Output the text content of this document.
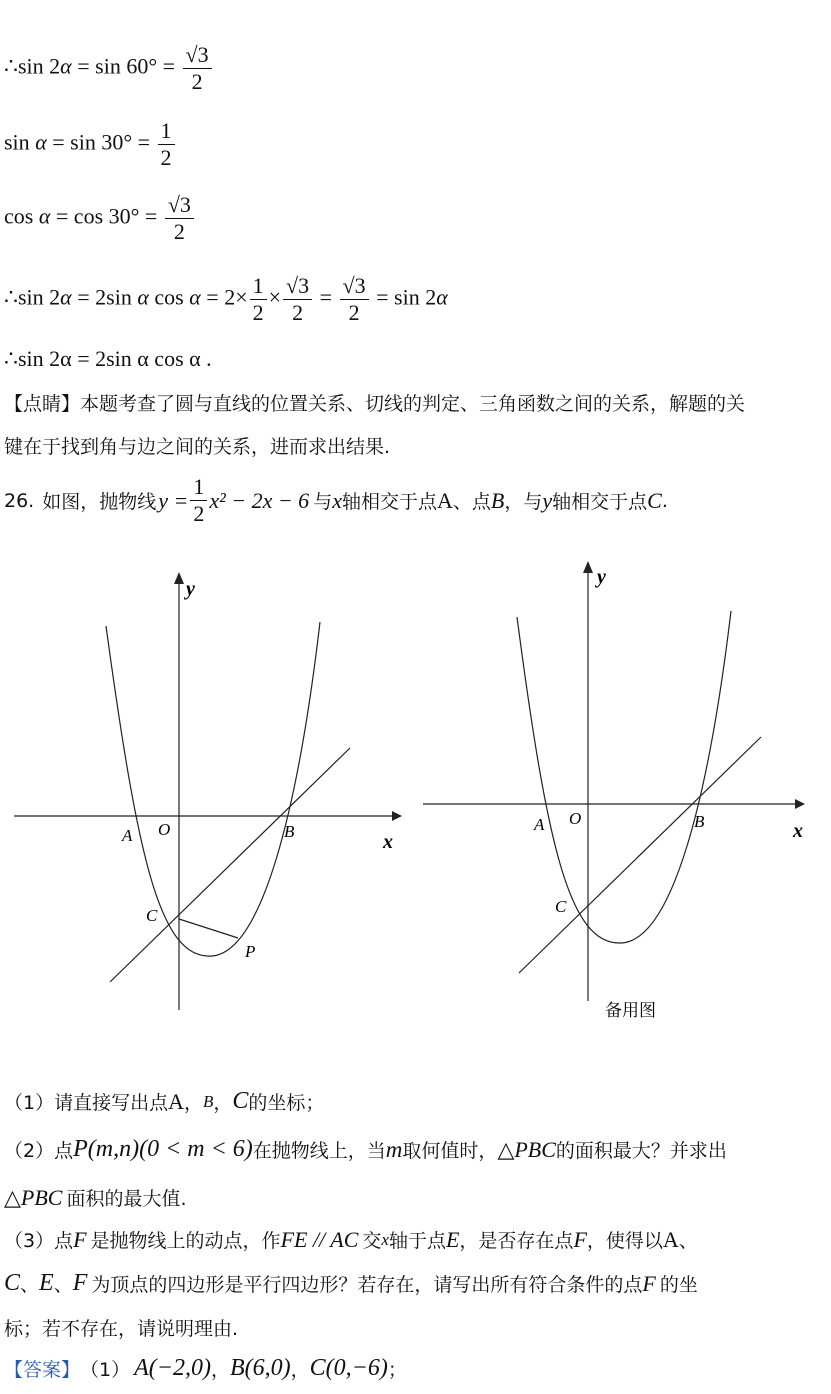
∴sin $2\alpha = \sin 60^\circ = \frac{√3}{2}$
$\sin \alpha = \sin 30^\circ = \frac{1}{2}$
$\cos \alpha = \cos 30^\circ = \frac{√3}{2}$
∴sin 2α = 2sin α $\cos \alpha = 2\times \frac{1}{2} \times \frac{√3}{2} = \frac{√3}{2} = \sin 2\alpha$
∴sin 2α = 2sin α cos α .
【点睛】本题考查了圆与直线的位置关系、切线的判定、三角函数之间的关系，解题的关
键在于找到角与边之间的关系，进而求出结果.
26. 如图，抛物线 $y = \frac{1}{2} x^2 - 2x - 6$ 与 x 轴相交于点 A 、点 B ，与 y 轴相交于点 C .
y
x
A O	B
C
P
y
x
A O	B
C
备用图
（1）请直接写出点 A ， B ， C 的坐标；
（2）点 P(m,n)(0 < m < 6) 在抛物线上，当 m 取何值时， △PBC 的面积最大？并求出
△PBC 面积的最大值.
（3）点 F 是抛物线上的动点，作 FE // AC 交 x 轴于点 E ，是否存在点 F ，使得以 A 、
C 、 E 、 F 为顶点的四边形是平行四边形？若存在，请写出所有符合条件的点 F 的坐
标；若不存在，请说明理由.
【答案】 （1） A(−2,0) ， B(6,0) ， C(0,−6) ；
